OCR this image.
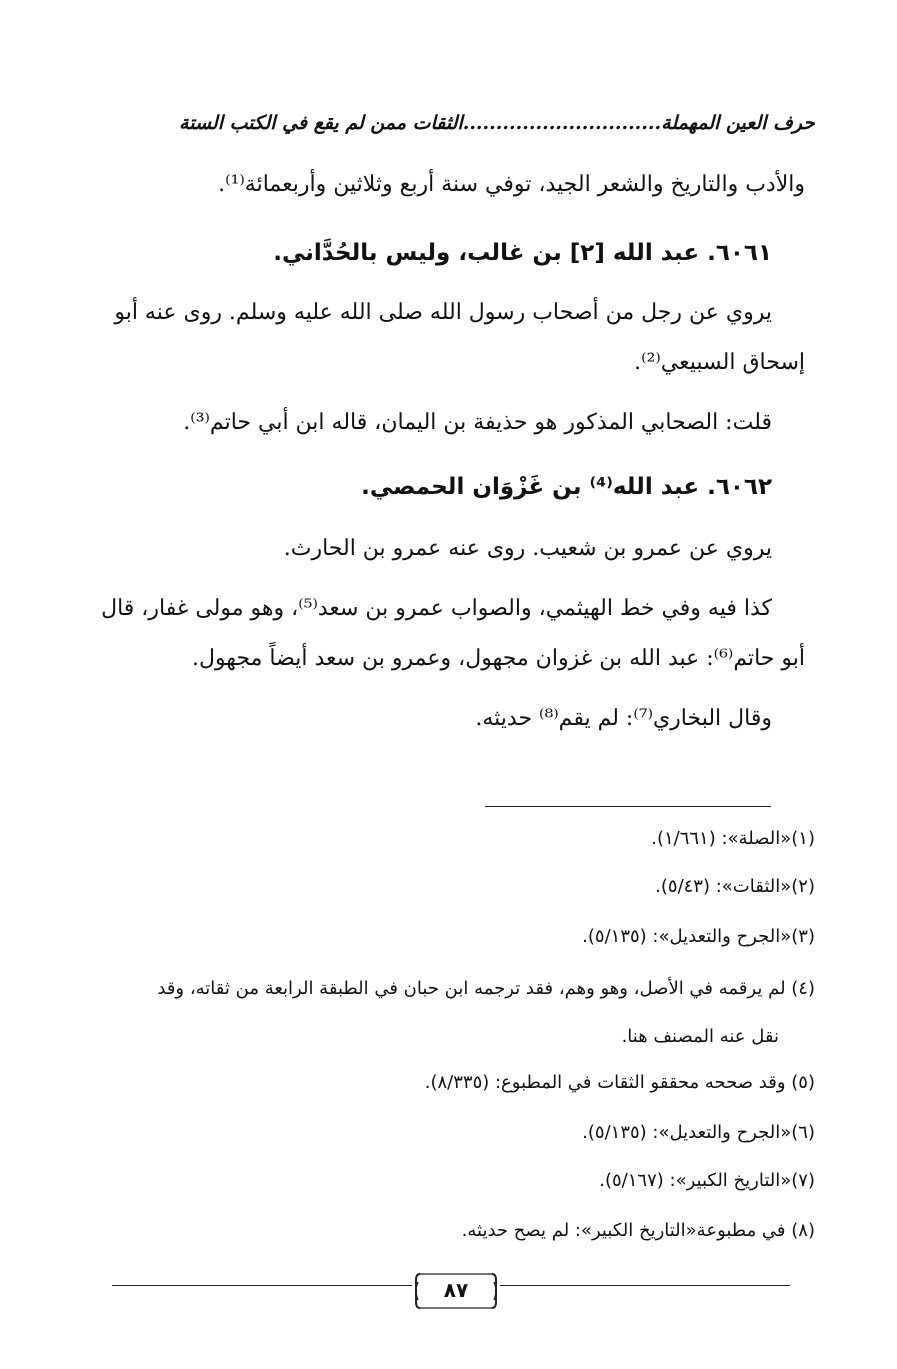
حرف العين المهملة..............................الثقات ممن لم يقع في الكتب الستة
والأدب والتاريخ والشعر الجيد، توفي سنة أربع وثلاثين وأربعمائة⁽¹⁾.
٦٠٦١. عبد الله [٢] بن غالب، وليس بالحُدَّاني.
يروي عن رجل من أصحاب رسول الله صلى الله عليه وسلم. روى عنه أبو
إسحاق السبيعي⁽²⁾.
قلت: الصحابي المذكور هو حذيفة بن اليمان، قاله ابن أبي حاتم⁽³⁾.
٦٠٦٢. عبد الله⁽⁴⁾ بن غَزْوَان الحمصي.
يروي عن عمرو بن شعيب. روى عنه عمرو بن الحارث.
كذا فيه وفي خط الهيثمي، والصواب عمرو بن سعد⁽⁵⁾، وهو مولى غفار، قال
أبو حاتم⁽⁶⁾: عبد الله بن غزوان مجهول، وعمرو بن سعد أيضاً مجهول.
وقال البخاري⁽⁷⁾: لم يقم⁽⁸⁾ حديثه.
(١)«الصلة»: (١/٦٦١).
(٢)«الثقات»: (٥/٤٣).
(٣)«الجرح والتعديل»: (٥/١٣٥).
(٤) لم يرقمه في الأصل، وهو وهم، فقد ترجمه ابن حبان في الطبقة الرابعة من ثقاته، وقد
نقل عنه المصنف هنا.
(٥) وقد صححه محققو الثقات في المطبوع: (٨/٣٣٥).
(٦)«الجرح والتعديل»: (٥/١٣٥).
(٧)«التاريخ الكبير»: (٥/١٦٧).
(٨) في مطبوعة«التاريخ الكبير»: لم يصح حديثه.
٨٧
